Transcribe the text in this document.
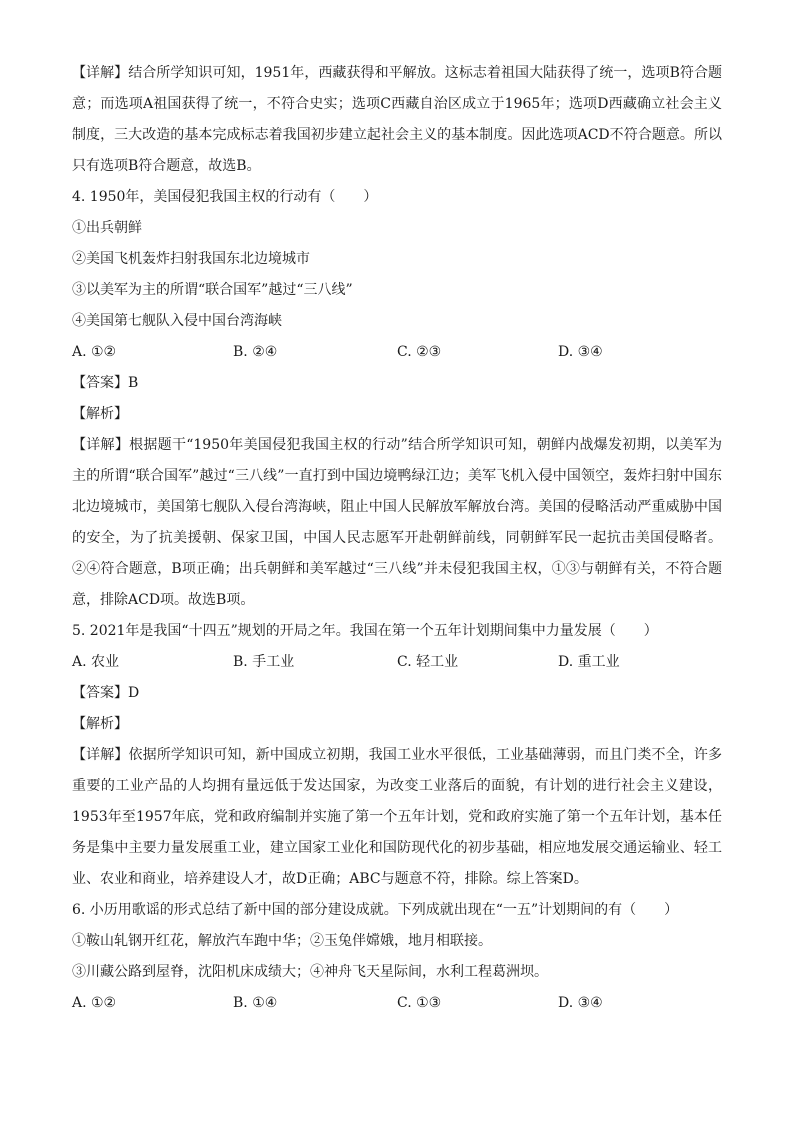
【详解】结合所学知识可知，1951年，西藏获得和平解放。这标志着祖国大陆获得了统一，选项B符合题意；而选项A祖国获得了统一，不符合史实；选项C西藏自治区成立于1965年；选项D西藏确立社会主义制度，三大改造的基本完成标志着我国初步建立起社会主义的基本制度。因此选项ACD不符合题意。所以只有选项B符合题意，故选B。

4. 1950年，美国侵犯我国主权的行动有（　　）

①出兵朝鲜

②美国飞机轰炸扫射我国东北边境城市

③以美军为主的所谓“联合国军”越过“三八线”

④美国第七舰队入侵中国台湾海峡

A. ①②	B. ②④	C. ②③	D. ③④

【答案】B

【解析】

【详解】根据题干“1950年美国侵犯我国主权的行动”结合所学知识可知，朝鲜内战爆发初期，以美军为主的所谓“联合国军”越过“三八线”一直打到中国边境鸭绿江边；美军飞机入侵中国领空，轰炸扫射中国东北边境城市，美国第七舰队入侵台湾海峡，阻止中国人民解放军解放台湾。美国的侵略活动严重威胁中国的安全，为了抗美援朝、保家卫国，中国人民志愿军开赴朝鲜前线，同朝鲜军民一起抗击美国侵略者。②④符合题意，B项正确；出兵朝鲜和美军越过“三八线”并未侵犯我国主权，①③与朝鲜有关，不符合题意，排除ACD项。故选B项。

5. 2021年是我国“十四五”规划的开局之年。我国在第一个五年计划期间集中力量发展（　　）

A. 农业	B. 手工业	C. 轻工业	D. 重工业

【答案】D

【解析】

【详解】依据所学知识可知，新中国成立初期，我国工业水平很低，工业基础薄弱，而且门类不全，许多重要的工业产品的人均拥有量远低于发达国家，为改变工业落后的面貌，有计划的进行社会主义建设，1953年至1957年底，党和政府编制并实施了第一个五年计划，党和政府实施了第一个五年计划，基本任务是集中主要力量发展重工业，建立国家工业化和国防现代化的初步基础，相应地发展交通运输业、轻工业、农业和商业，培养建设人才，故D正确；ABC与题意不符，排除。综上答案D。

6. 小历用歌谣的形式总结了新中国的部分建设成就。下列成就出现在“一五”计划期间的有（　　）

①鞍山轧钢开红花，解放汽车跑中华；②玉兔伴嫦娥，地月相联接。

③川藏公路到屋脊，沈阳机床成绩大；④神舟飞天星际间，水利工程葛洲坝。

A. ①②	B. ①④	C. ①③	D. ③④
